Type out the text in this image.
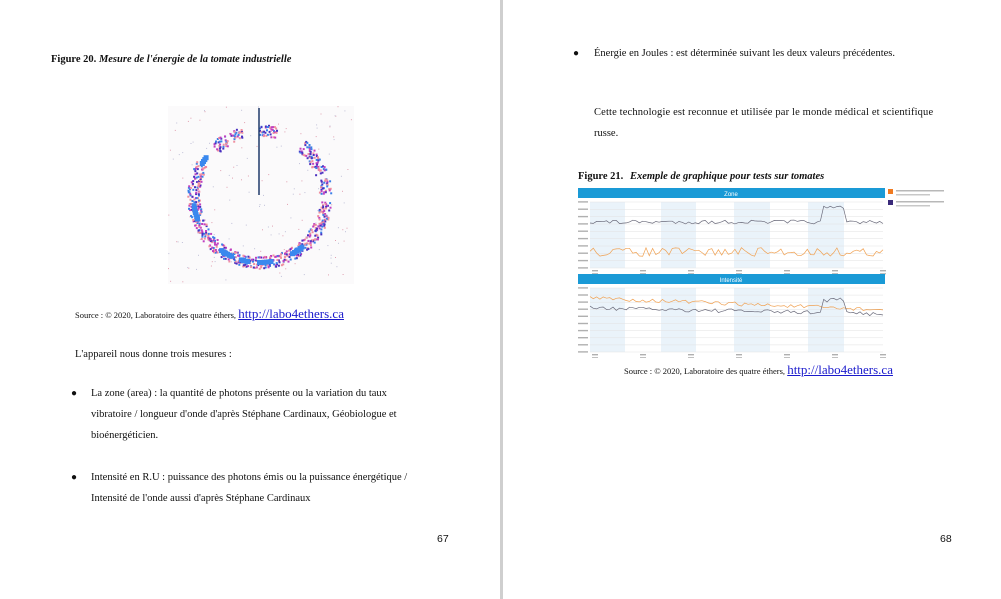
Figure 20. Mesure de l'énergie de la tomate industrielle
Source : © 2020, Laboratoire des quatre éthers, http://labo4ethers.ca
L'appareil nous donne trois mesures :
● La zone (area) : la quantité de photons présente ou la variation du taux
vibratoire / longueur d'onde d'après Stéphane Cardinaux, Géobiologue et
bioénergéticien.
● Intensité en R.U : puissance des photons émis ou la puissance énergétique /
Intensité de l'onde aussi d'après Stéphane Cardinaux
67
● Énergie en Joules : est déterminée suivant les deux valeurs précédentes.
Cette technologie est reconnue et utilisée par le monde médical et scientifique
russe.
Figure 21. Exemple de graphique pour tests sur tomates
Zone
Intensité
Source : © 2020, Laboratoire des quatre éthers, http://labo4ethers.ca
68
